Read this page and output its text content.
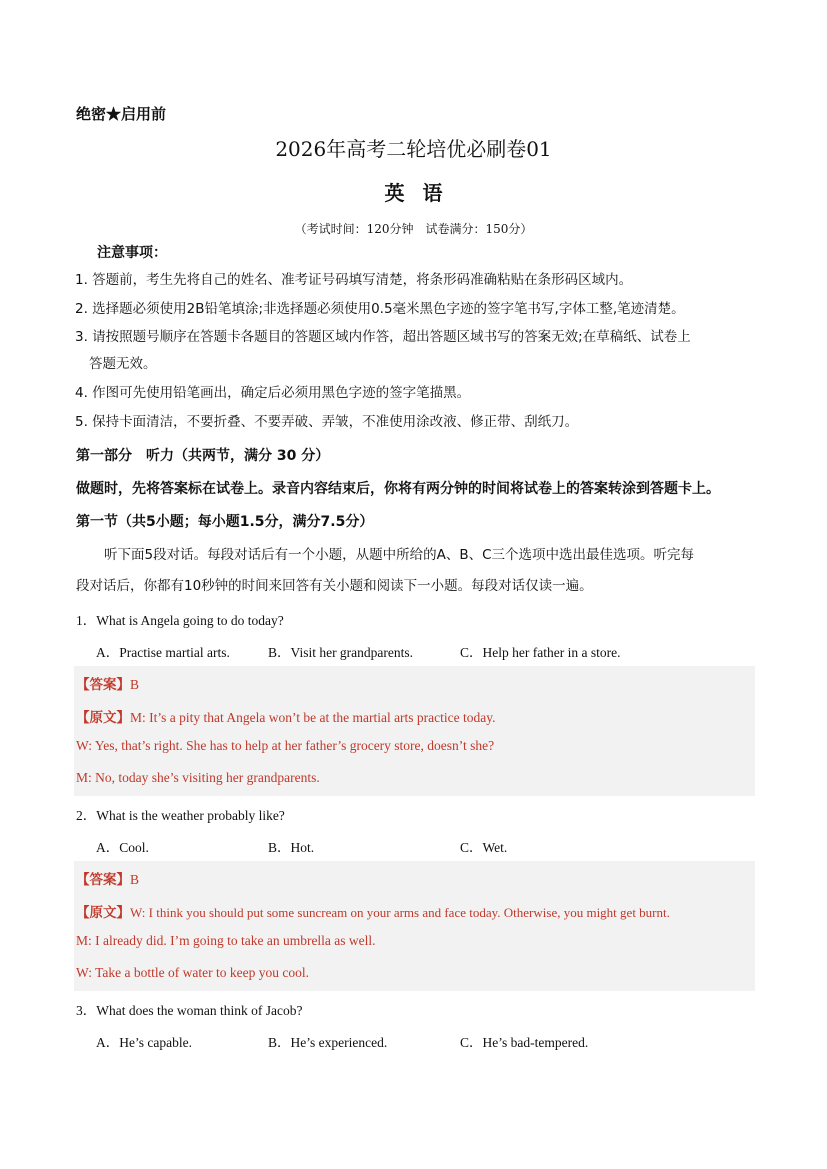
绝密★启用前
2026年高考二轮培优必刷卷01
英语
（考试时间：120分钟　试卷满分：150分）
注意事项：
1. 答题前，考生先将自己的姓名、准考证号码填写清楚，将条形码准确粘贴在条形码区域内。
2. 选择题必须使用2B铅笔填涂;非选择题必须使用0.5毫米黑色字迹的签字笔书写,字体工整,笔迹清楚。
3. 请按照题号顺序在答题卡各题目的答题区域内作答，超出答题区域书写的答案无效;在草稿纸、试卷上
答题无效。
4. 作图可先使用铅笔画出，确定后必须用黑色字迹的签字笔描黑。
5. 保持卡面清洁，不要折叠、不要弄破、弄皱，不准使用涂改液、修正带、刮纸刀。
第一部分　听力（共两节，满分 30 分）
做题时，先将答案标在试卷上。录音内容结束后，你将有两分钟的时间将试卷上的答案转涂到答题卡上。
第一节（共5小题；每小题1.5分，满分7.5分）
听下面5段对话。每段对话后有一个小题，从题中所给的A、B、C三个选项中选出最佳选项。听完每
段对话后，你都有10秒钟的时间来回答有关小题和阅读下一小题。每段对话仅读一遍。
1．What is Angela going to do today?
A．Practise martial arts.	B．Visit her grandparents.	C．Help her father in a store.
【答案】B
【原文】M: It’s a pity that Angela won’t be at the martial arts practice today.
W: Yes, that’s right. She has to help at her father’s grocery store, doesn’t she?
M: No, today she’s visiting her grandparents.
2．What is the weather probably like?
A．Cool.	B．Hot.	C．Wet.
【答案】B
【原文】W: I think you should put some suncream on your arms and face today. Otherwise, you might get burnt.
M: I already did. I’m going to take an umbrella as well.
W: Take a bottle of water to keep you cool.
3．What does the woman think of Jacob?
A．He’s capable.	B．He’s experienced.	C．He’s bad-tempered.
